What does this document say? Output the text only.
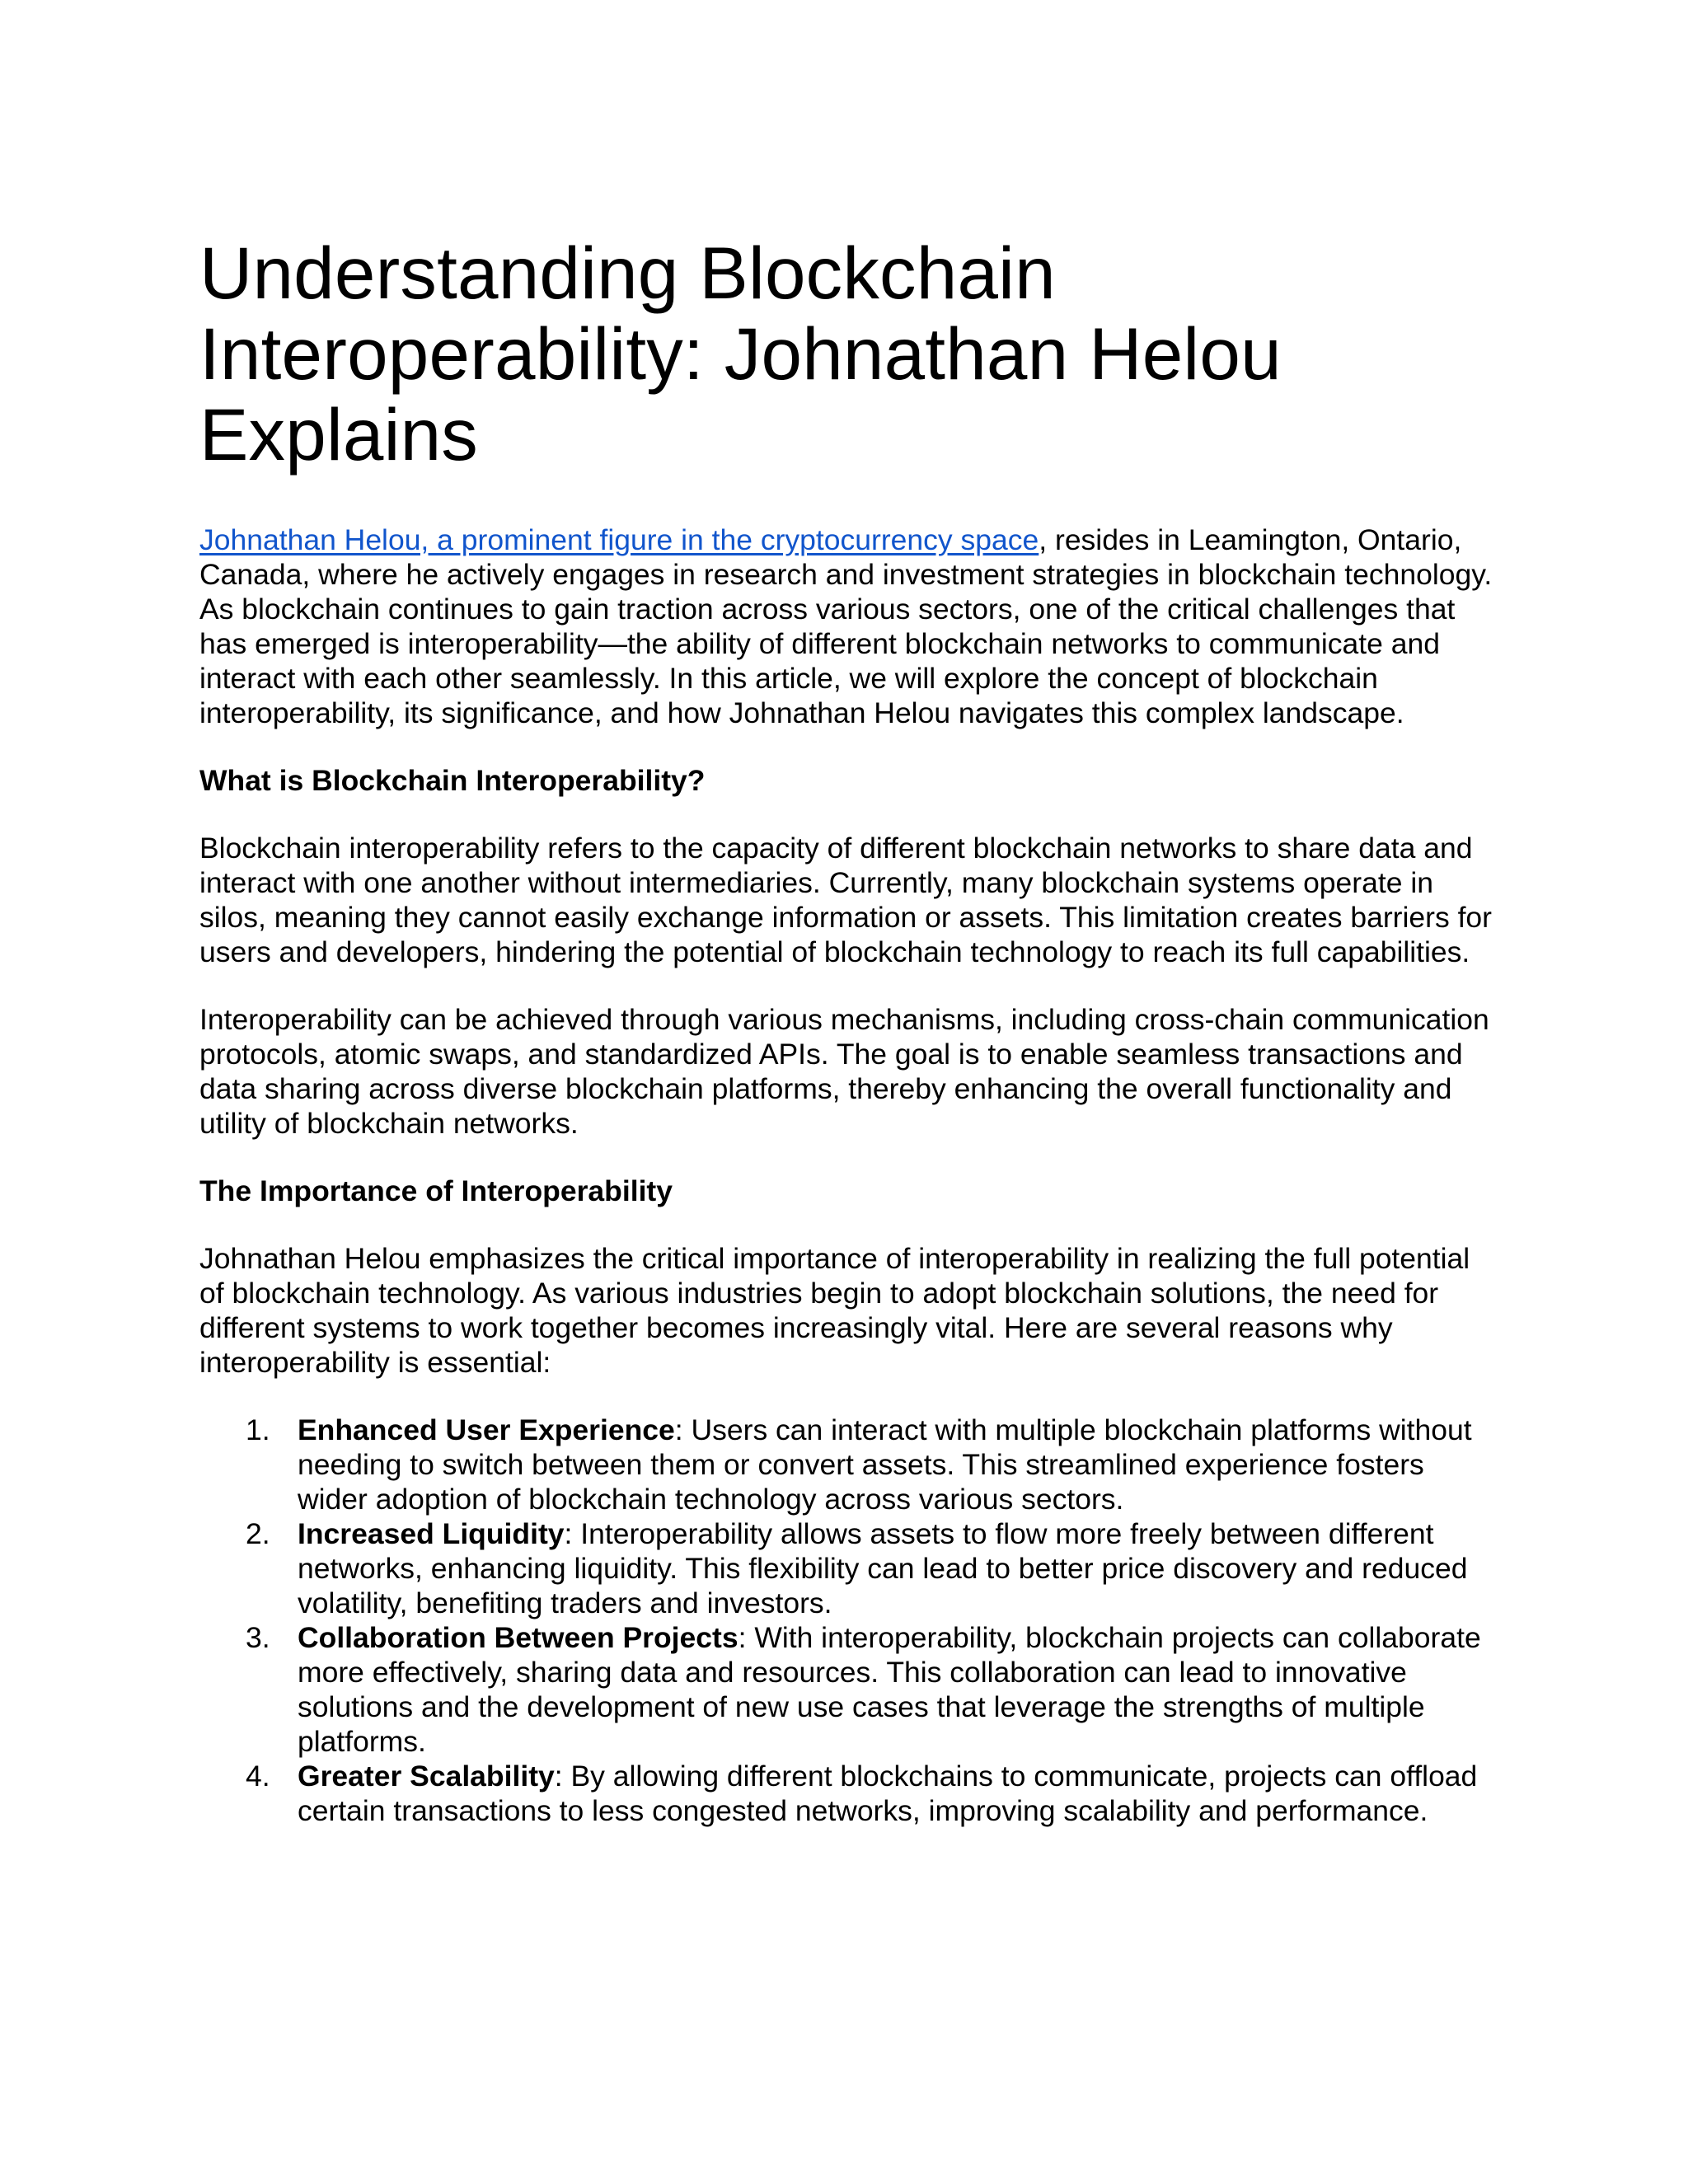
Understanding Blockchain Interoperability: Johnathan Helou Explains

Johnathan Helou, a prominent figure in the cryptocurrency space, resides in Leamington, Ontario, Canada, where he actively engages in research and investment strategies in blockchain technology. As blockchain continues to gain traction across various sectors, one of the critical challenges that has emerged is interoperability—the ability of different blockchain networks to communicate and interact with each other seamlessly. In this article, we will explore the concept of blockchain interoperability, its significance, and how Johnathan Helou navigates this complex landscape.

What is Blockchain Interoperability?

Blockchain interoperability refers to the capacity of different blockchain networks to share data and interact with one another without intermediaries. Currently, many blockchain systems operate in silos, meaning they cannot easily exchange information or assets. This limitation creates barriers for users and developers, hindering the potential of blockchain technology to reach its full capabilities.

Interoperability can be achieved through various mechanisms, including cross-chain communication protocols, atomic swaps, and standardized APIs. The goal is to enable seamless transactions and data sharing across diverse blockchain platforms, thereby enhancing the overall functionality and utility of blockchain networks.

The Importance of Interoperability

Johnathan Helou emphasizes the critical importance of interoperability in realizing the full potential of blockchain technology. As various industries begin to adopt blockchain solutions, the need for different systems to work together becomes increasingly vital. Here are several reasons why interoperability is essential:

1. Enhanced User Experience: Users can interact with multiple blockchain platforms without needing to switch between them or convert assets. This streamlined experience fosters wider adoption of blockchain technology across various sectors.
2. Increased Liquidity: Interoperability allows assets to flow more freely between different networks, enhancing liquidity. This flexibility can lead to better price discovery and reduced volatility, benefiting traders and investors.
3. Collaboration Between Projects: With interoperability, blockchain projects can collaborate more effectively, sharing data and resources. This collaboration can lead to innovative solutions and the development of new use cases that leverage the strengths of multiple platforms.
4. Greater Scalability: By allowing different blockchains to communicate, projects can offload certain transactions to less congested networks, improving scalability and performance.
